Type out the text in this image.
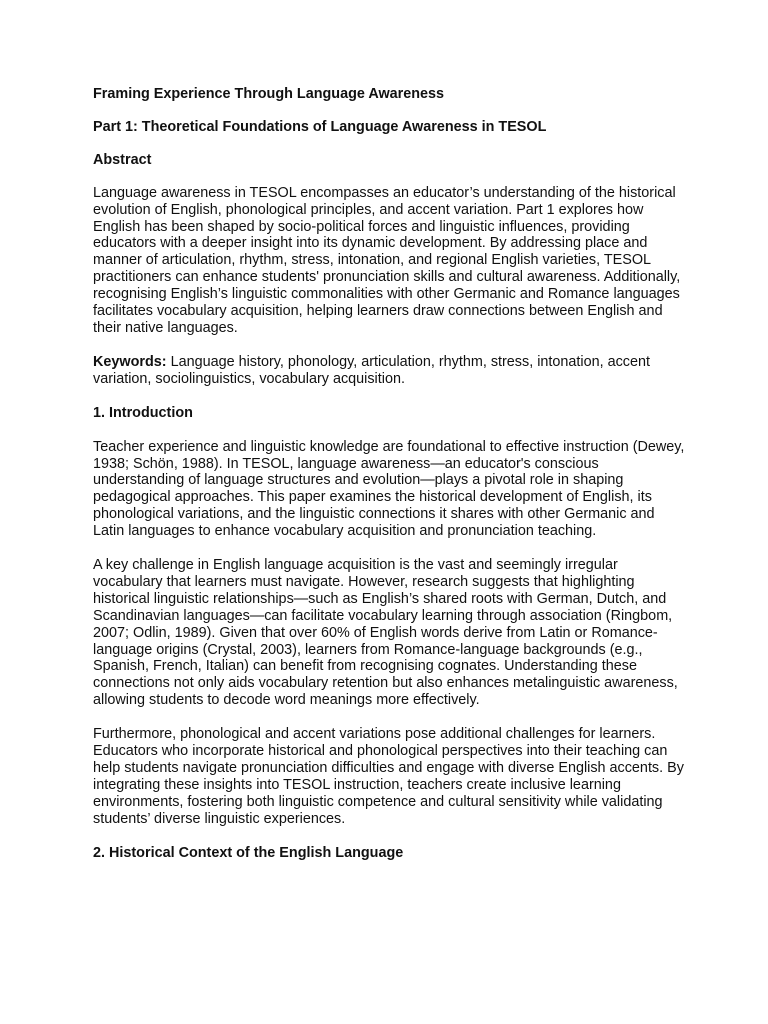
Framing Experience Through Language Awareness

Part 1: Theoretical Foundations of Language Awareness in TESOL

Abstract

Language awareness in TESOL encompasses an educator’s understanding of the historical evolution of English, phonological principles, and accent variation. Part 1 explores how English has been shaped by socio-political forces and linguistic influences, providing educators with a deeper insight into its dynamic development. By addressing place and manner of articulation, rhythm, stress, intonation, and regional English varieties, TESOL practitioners can enhance students' pronunciation skills and cultural awareness. Additionally, recognising English’s linguistic commonalities with other Germanic and Romance languages facilitates vocabulary acquisition, helping learners draw connections between English and their native languages.

Keywords: Language history, phonology, articulation, rhythm, stress, intonation, accent variation, sociolinguistics, vocabulary acquisition.

1. Introduction

Teacher experience and linguistic knowledge are foundational to effective instruction (Dewey, 1938; Schön, 1988). In TESOL, language awareness—an educator's conscious understanding of language structures and evolution—plays a pivotal role in shaping pedagogical approaches. This paper examines the historical development of English, its phonological variations, and the linguistic connections it shares with other Germanic and Latin languages to enhance vocabulary acquisition and pronunciation teaching.

A key challenge in English language acquisition is the vast and seemingly irregular vocabulary that learners must navigate. However, research suggests that highlighting historical linguistic relationships—such as English’s shared roots with German, Dutch, and Scandinavian languages—can facilitate vocabulary learning through association (Ringbom, 2007; Odlin, 1989). Given that over 60% of English words derive from Latin or Romance-language origins (Crystal, 2003), learners from Romance-language backgrounds (e.g., Spanish, French, Italian) can benefit from recognising cognates. Understanding these connections not only aids vocabulary retention but also enhances metalinguistic awareness, allowing students to decode word meanings more effectively.

Furthermore, phonological and accent variations pose additional challenges for learners. Educators who incorporate historical and phonological perspectives into their teaching can help students navigate pronunciation difficulties and engage with diverse English accents. By integrating these insights into TESOL instruction, teachers create inclusive learning environments, fostering both linguistic competence and cultural sensitivity while validating students’ diverse linguistic experiences.

2. Historical Context of the English Language
